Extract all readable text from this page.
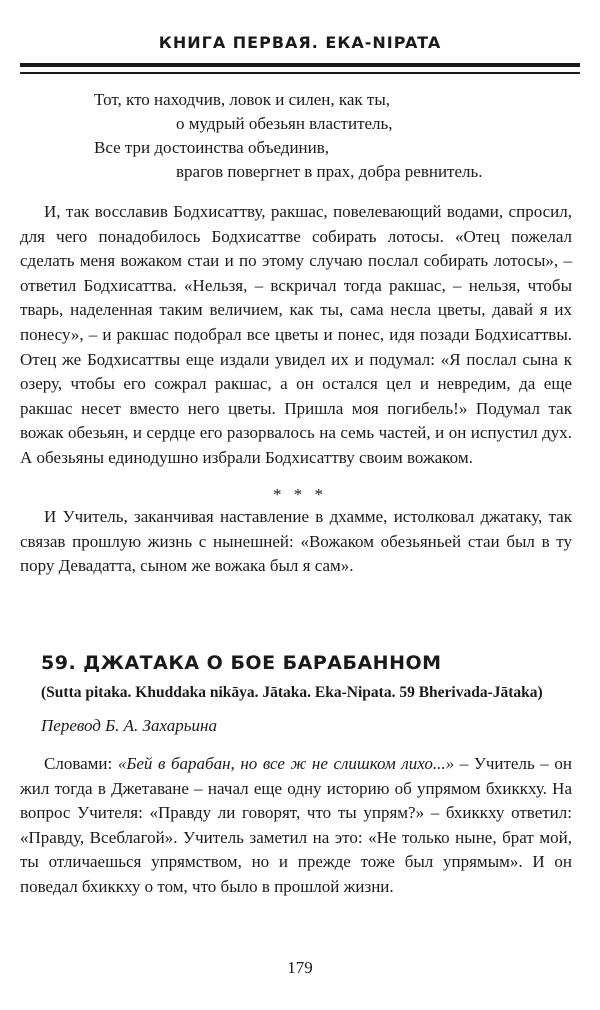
КНИГА ПЕРВАЯ. ЕКА-NIPATA
Тот, кто находчив, ловок и силен, как ты,
о мудрый обезьян властитель,
Все три достоинства объединив,
врагов повергнет в прах, добра ревнитель.

И, так восславив Бодхисаттву, ракшас, повелевающий водами, спросил, для чего понадобилось Бодхисаттве собирать лотосы. «Отец пожелал сделать меня вожаком стаи и по этому случаю послал собирать лотосы», – ответил Бодхисаттва. «Нельзя, – вскричал тогда ракшас, – нельзя, чтобы тварь, наделенная таким величием, как ты, сама несла цветы, давай я их понесу», – и ракшас подобрал все цветы и понес, идя позади Бодхисаттвы. Отец же Бодхисаттвы еще издали увидел их и подумал: «Я послал сына к озеру, чтобы его сожрал ракшас, а он остался цел и невредим, да еще ракшас несет вместо него цветы. Пришла моя погибель!» Подумал так вожак обезьян, и сердце его разорвалось на семь частей, и он испустил дух. А обезьяны единодушно избрали Бодхисаттву своим вожаком.

* * *

И Учитель, заканчивая наставление в дхамме, истолковал джатаку, так связав прошлую жизнь с нынешней: «Вожаком обезьяньей стаи был в ту пору Девадатта, сыном же вожака был я сам».

59. ДЖАТАКА О БОЕ БАРАБАННОМ
(Sutta pitaka. Khuddaka nikāya. Jātaka. Eka-Nipata. 59 Bherivada-Jātaka)
Перевод Б. А. Захарьина

Словами: «Бей в барабан, но все ж не слишком лихо...» – Учитель – он жил тогда в Джетаване – начал еще одну историю об упрямом бхиккху. На вопрос Учителя: «Правду ли говорят, что ты упрям?» – бхиккху ответил: «Правду, Всеблагой». Учитель заметил на это: «Не только ныне, брат мой, ты отличаешься упрямством, но и прежде тоже был упрямым». И он поведал бхиккху о том, что было в прошлой жизни.

179
